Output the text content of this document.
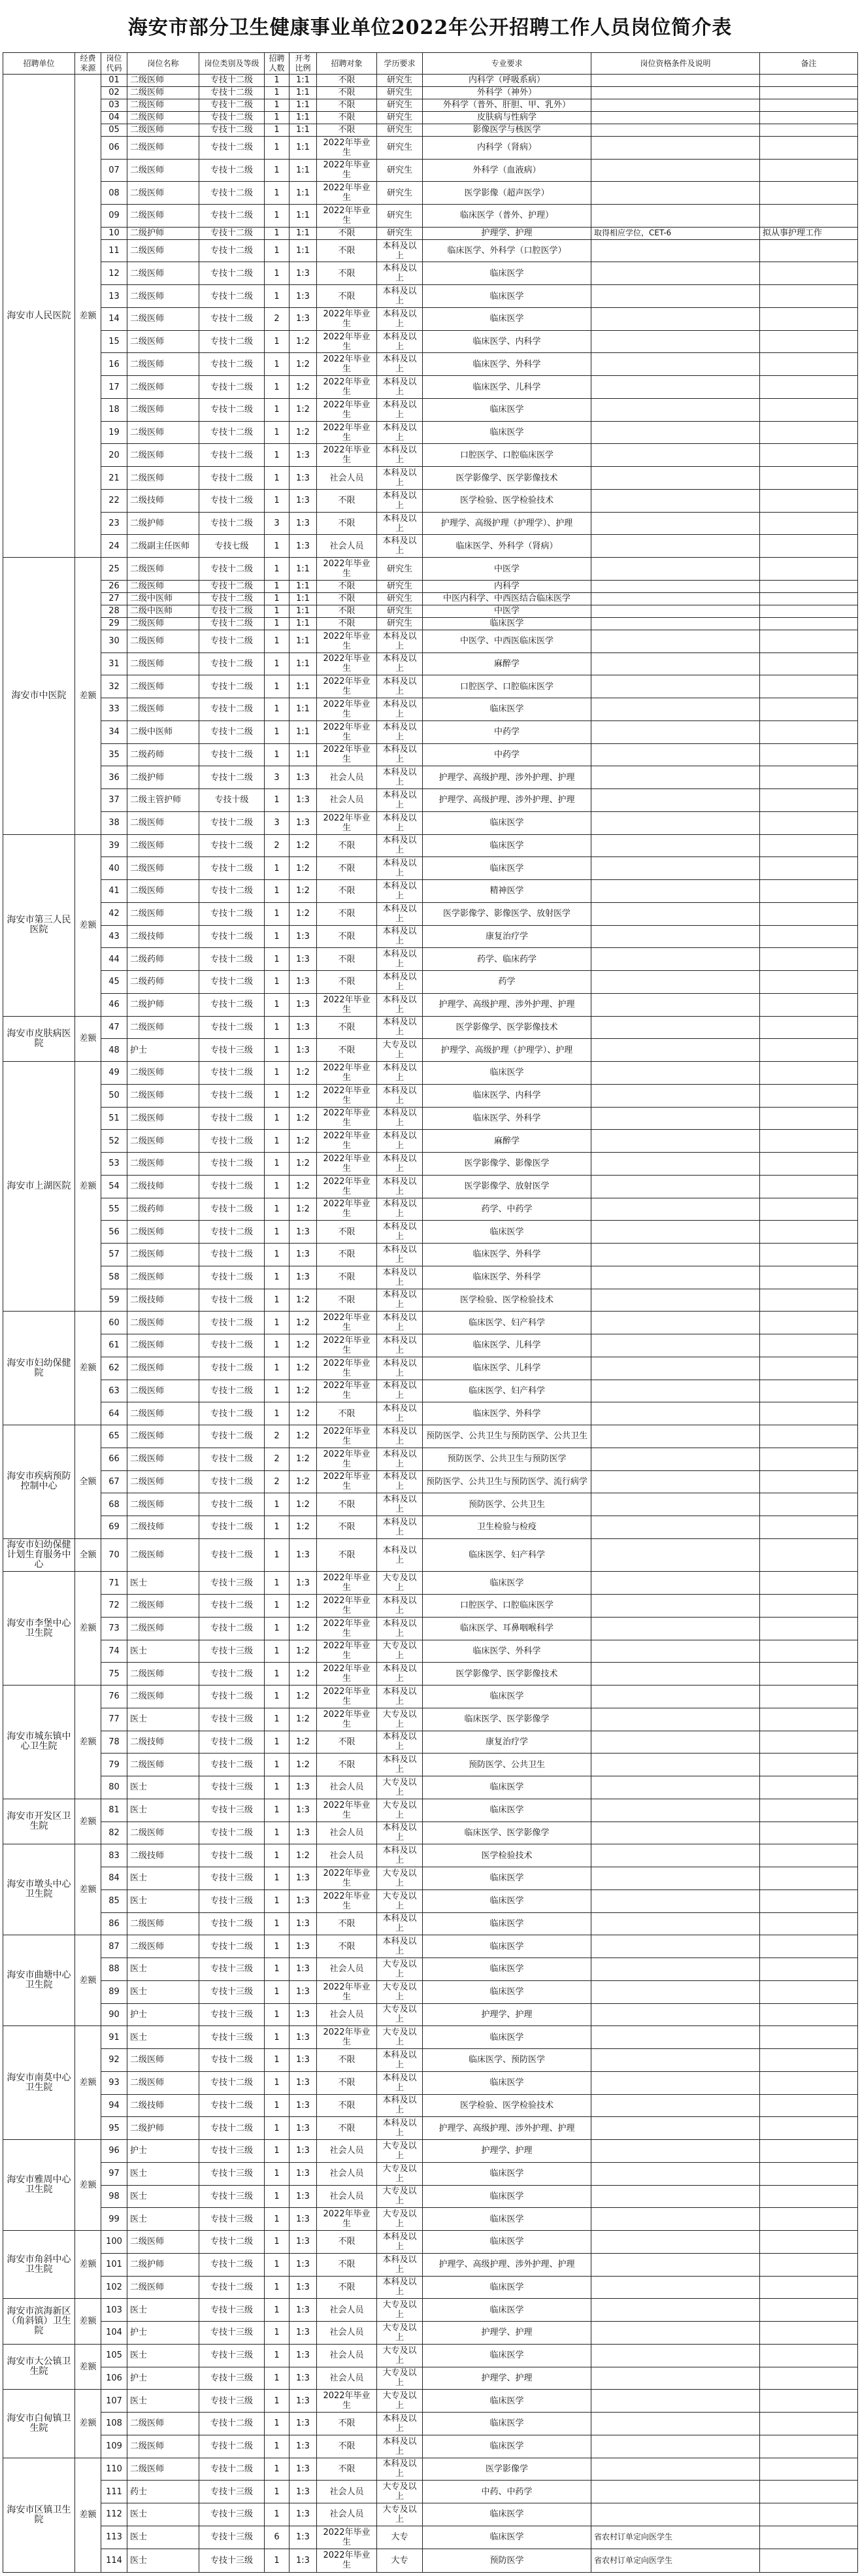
海安市部分卫生健康事业单位2022年公开招聘工作人员岗位简介表
招聘单位	经费来源	岗位代码	岗位名称	岗位类别及等级	招聘人数	开考比例	招聘对象	学历要求	专业要求	岗位资格条件及说明	备注
海安市人民医院	差额	01	二级医师	专技十二级	1	1:1	不限	研究生	内科学（呼吸系病）		
		02	二级医师	专技十二级	1	1:1	不限	研究生	外科学（神外）		
		03	二级医师	专技十二级	1	1:1	不限	研究生	外科学（普外、肝胆、甲、乳外）		
		04	二级医师	专技十二级	1	1:1	不限	研究生	皮肤病与性病学		
		05	二级医师	专技十二级	1	1:1	不限	研究生	影像医学与核医学		
		06	二级医师	专技十二级	1	1:1	2022年毕业生	研究生	内科学（肾病）		
		07	二级医师	专技十二级	1	1:1	2022年毕业生	研究生	外科学（血液病）		
		08	二级医师	专技十二级	1	1:1	2022年毕业生	研究生	医学影像（超声医学）		
		09	二级医师	专技十二级	1	1:1	2022年毕业生	研究生	临床医学（普外、护理）		
		10	二级护师	专技十二级	1	1:1	不限	研究生	护理学、护理	取得相应学位，CET-6	拟从事护理工作
		11	二级医师	专技十二级	1	1:1	不限	本科及以上	临床医学、外科学（口腔医学）		
		12	二级医师	专技十二级	1	1:3	不限	本科及以上	临床医学		
		13	二级医师	专技十二级	1	1:3	不限	本科及以上	临床医学		
		14	二级医师	专技十二级	2	1:3	2022年毕业生	本科及以上	临床医学		
		15	二级医师	专技十二级	1	1:2	2022年毕业生	本科及以上	临床医学、内科学		
		16	二级医师	专技十二级	1	1:2	2022年毕业生	本科及以上	临床医学、外科学		
		17	二级医师	专技十二级	1	1:2	2022年毕业生	本科及以上	临床医学、儿科学		
		18	二级医师	专技十二级	1	1:2	2022年毕业生	本科及以上	临床医学		
		19	二级医师	专技十二级	1	1:2	2022年毕业生	本科及以上	临床医学		
		20	二级医师	专技十二级	1	1:3	2022年毕业生	本科及以上	口腔医学、口腔临床医学		
		21	二级医师	专技十二级	1	1:3	社会人员	本科及以上	医学影像学、医学影像技术		
		22	二级技师	专技十二级	1	1:3	不限	本科及以上	医学检验、医学检验技术		
		23	二级护师	专技十二级	3	1:3	不限	本科及以上	护理学、高级护理（护理学）、护理		
		24	二级副主任医师	专技七级	1	1:3	社会人员	本科及以上	临床医学、外科学（肾病）		
海安市中医院	差额	25	二级医师	专技十二级	1	1:1	2022年毕业生	研究生	中医学		
		26	二级医师	专技十二级	1	1:1	不限	研究生	内科学		
		27	二级中医师	专技十二级	1	1:1	不限	研究生	中医内科学、中西医结合临床医学		
		28	二级中医师	专技十二级	1	1:1	不限	研究生	中医学		
		29	二级医师	专技十二级	1	1:1	不限	研究生	临床医学		
		30	二级医师	专技十二级	1	1:1	2022年毕业生	本科及以上	中医学、中西医临床医学		
		31	二级医师	专技十二级	1	1:1	2022年毕业生	本科及以上	麻醉学		
		32	二级医师	专技十二级	1	1:1	2022年毕业生	本科及以上	口腔医学、口腔临床医学		
		33	二级医师	专技十二级	1	1:1	2022年毕业生	本科及以上	临床医学		
		34	二级中医师	专技十二级	1	1:1	2022年毕业生	本科及以上	中药学		
		35	二级药师	专技十二级	1	1:1	2022年毕业生	本科及以上	中药学		
		36	二级护师	专技十二级	3	1:3	社会人员	本科及以上	护理学、高级护理、涉外护理、护理		
		37	二级主管护师	专技十级	1	1:3	社会人员	本科及以上	护理学、高级护理、涉外护理、护理		
		38	二级医师	专技十二级	3	1:3	2022年毕业生	本科及以上	临床医学		
海安市第三人民医院	差额	39	二级医师	专技十二级	2	1:2	不限	本科及以上	临床医学		
		40	二级医师	专技十二级	1	1:2	不限	本科及以上	临床医学		
		41	二级医师	专技十二级	1	1:2	不限	本科及以上	精神医学		
		42	二级医师	专技十二级	1	1:2	不限	本科及以上	医学影像学、影像医学、放射医学		
		43	二级技师	专技十二级	1	1:3	不限	本科及以上	康复治疗学		
		44	二级药师	专技十二级	1	1:3	不限	本科及以上	药学、临床药学		
		45	二级药师	专技十二级	1	1:3	不限	本科及以上	药学		
		46	二级护师	专技十二级	1	1:3	2022年毕业生	本科及以上	护理学、高级护理、涉外护理、护理		
海安市皮肤病医院	差额	47	二级医师	专技十二级	1	1:3	不限	本科及以上	医学影像学、医学影像技术		
		48	护士	专技十三级	1	1:3	不限	大专及以上	护理学、高级护理（护理学）、护理		
海安市上湖医院	差额	49	二级医师	专技十二级	1	1:2	2022年毕业生	本科及以上	临床医学		
		50	二级医师	专技十二级	1	1:2	2022年毕业生	本科及以上	临床医学、内科学		
		51	二级医师	专技十二级	1	1:2	2022年毕业生	本科及以上	临床医学、外科学		
		52	二级医师	专技十二级	1	1:2	2022年毕业生	本科及以上	麻醉学		
		53	二级医师	专技十二级	1	1:2	2022年毕业生	本科及以上	医学影像学、影像医学		
		54	二级技师	专技十二级	1	1:2	2022年毕业生	本科及以上	医学影像学、放射医学		
		55	二级药师	专技十二级	1	1:2	2022年毕业生	本科及以上	药学、中药学		
		56	二级医师	专技十二级	1	1:3	不限	本科及以上	临床医学		
		57	二级医师	专技十二级	1	1:3	不限	本科及以上	临床医学、外科学		
		58	二级医师	专技十二级	1	1:3	不限	本科及以上	临床医学、外科学		
		59	二级技师	专技十二级	1	1:2	不限	本科及以上	医学检验、医学检验技术		
海安市妇幼保健院	差额	60	二级医师	专技十二级	1	1:2	2022年毕业生	本科及以上	临床医学、妇产科学		
		61	二级医师	专技十二级	1	1:2	2022年毕业生	本科及以上	临床医学、儿科学		
		62	二级医师	专技十二级	1	1:2	2022年毕业生	本科及以上	临床医学、儿科学		
		63	二级医师	专技十二级	1	1:2	2022年毕业生	本科及以上	临床医学、妇产科学		
		64	二级医师	专技十二级	1	1:2	不限	本科及以上	临床医学、外科学		
海安市疾病预防控制中心	全额	65	二级医师	专技十二级	2	1:2	2022年毕业生	本科及以上	预防医学、公共卫生与预防医学、公共卫生		
		66	二级医师	专技十二级	2	1:2	2022年毕业生	本科及以上	预防医学、公共卫生与预防医学		
		67	二级医师	专技十二级	2	1:2	2022年毕业生	本科及以上	预防医学、公共卫生与预防医学、流行病学		
		68	二级医师	专技十二级	1	1:2	不限	本科及以上	预防医学、公共卫生		
		69	二级技师	专技十二级	1	1:2	不限	本科及以上	卫生检验与检疫		
海安市妇幼保健计划生育服务中心	全额	70	二级医师	专技十二级	1	1:3	不限	本科及以上	临床医学、妇产科学		
海安市李堡中心卫生院	差额	71	医士	专技十三级	1	1:3	2022年毕业生	大专及以上	临床医学		
		72	二级医师	专技十二级	1	1:2	2022年毕业生	本科及以上	口腔医学、口腔临床医学		
		73	二级医师	专技十二级	1	1:2	2022年毕业生	本科及以上	临床医学、耳鼻咽喉科学		
		74	医士	专技十三级	1	1:2	2022年毕业生	大专及以上	临床医学、外科学		
		75	二级医师	专技十二级	1	1:2	2022年毕业生	本科及以上	医学影像学、医学影像技术		
海安市城东镇中心卫生院	差额	76	二级医师	专技十二级	1	1:2	2022年毕业生	本科及以上	临床医学		
		77	医士	专技十三级	1	1:2	2022年毕业生	大专及以上	临床医学、医学影像学		
		78	二级技师	专技十二级	1	1:2	不限	本科及以上	康复治疗学		
		79	二级医师	专技十二级	1	1:2	不限	本科及以上	预防医学、公共卫生		
		80	医士	专技十三级	1	1:3	社会人员	大专及以上	临床医学		
海安市开发区卫生院	差额	81	医士	专技十三级	1	1:3	2022年毕业生	大专及以上	临床医学		
		82	二级医师	专技十二级	1	1:3	社会人员	本科及以上	临床医学、医学影像学		
海安市墩头中心卫生院	差额	83	二级技师	专技十二级	1	1:2	社会人员	本科及以上	医学检验技术		
		84	医士	专技十三级	1	1:3	2022年毕业生	大专及以上	临床医学		
		85	医士	专技十三级	1	1:3	2022年毕业生	大专及以上	临床医学		
		86	二级医师	专技十二级	1	1:3	不限	本科及以上	临床医学		
海安市曲塘中心卫生院	差额	87	二级医师	专技十二级	1	1:3	不限	本科及以上	临床医学		
		88	医士	专技十三级	1	1:3	社会人员	大专及以上	临床医学		
		89	医士	专技十三级	1	1:3	2022年毕业生	大专及以上	临床医学		
		90	护士	专技十三级	1	1:3	社会人员	大专及以上	护理学、护理		
海安市南莫中心卫生院	差额	91	医士	专技十三级	1	1:3	2022年毕业生	大专及以上	临床医学		
		92	二级医师	专技十二级	1	1:3	不限	本科及以上	临床医学、预防医学		
		93	二级医师	专技十二级	1	1:3	不限	本科及以上	临床医学		
		94	二级技师	专技十二级	1	1:3	不限	本科及以上	医学检验、医学检验技术		
		95	二级护师	专技十二级	1	1:3	不限	本科及以上	护理学、高级护理、涉外护理、护理		
海安市雅周中心卫生院	差额	96	护士	专技十三级	1	1:3	社会人员	大专及以上	护理学、护理		
		97	医士	专技十三级	1	1:3	社会人员	大专及以上	临床医学		
		98	医士	专技十三级	1	1:3	社会人员	大专及以上	临床医学		
		99	医士	专技十三级	1	1:3	2022年毕业生	大专及以上	临床医学		
海安市角斜中心卫生院	差额	100	二级医师	专技十二级	1	1:3	不限	本科及以上	临床医学		
		101	二级护师	专技十二级	1	1:3	不限	本科及以上	护理学、高级护理、涉外护理、护理		
		102	二级医师	专技十二级	1	1:3	不限	本科及以上	临床医学		
海安市滨海新区（角斜镇）卫生院	差额	103	医士	专技十三级	1	1:3	社会人员	大专及以上	临床医学		
		104	护士	专技十三级	1	1:3	社会人员	大专及以上	护理学、护理		
海安市大公镇卫生院	差额	105	医士	专技十三级	1	1:3	社会人员	大专及以上	临床医学		
		106	护士	专技十三级	1	1:3	社会人员	大专及以上	护理学、护理		
海安市白甸镇卫生院	差额	107	医士	专技十三级	1	1:3	2022年毕业生	大专及以上	临床医学		
		108	二级医师	专技十二级	1	1:3	不限	本科及以上	临床医学		
		109	二级医师	专技十二级	1	1:3	不限	本科及以上	临床医学		
海安市区镇卫生院	差额	110	二级医师	专技十二级	1	1:3	不限	本科及以上	医学影像学		
		111	药士	专技十三级	1	1:3	社会人员	大专及以上	中药、中药学		
		112	医士	专技十三级	1	1:3	社会人员	大专及以上	临床医学		
		113	医士	专技十三级	6	1:3	2022年毕业生	大专	临床医学	省农村订单定向医学生	
		114	医士	专技十三级	1	1:3	2022年毕业生	大专	预防医学	省农村订单定向医学生	
